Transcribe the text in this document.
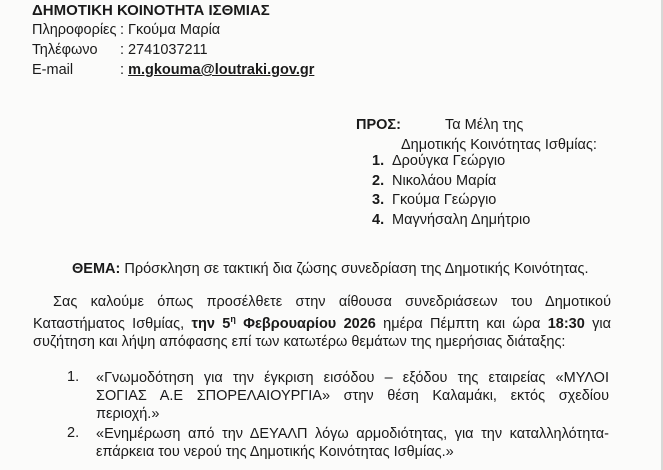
ΔΗΜΟΤΙΚΗ ΚΟΙΝΟΤΗΤΑ ΙΣΘΜΙΑΣ
Πληροφορίες : Γκούμα Μαρία
Τηλέφωνο : 2741037211
E-mail	: m.gkouma@loutraki.gov.gr
ΠΡΟΣ:	Τα Μέλη της
Δημοτικής Κοινότητας Ισθμίας:
1. Δρούγκα Γεώργιο
2. Νικολάου Μαρία
3. Γκούμα Γεώργιο
4. Μαγνήσαλη Δημήτριο
ΘΕΜΑ: Πρόσκληση σε τακτική δια ζώσης συνεδρίαση της Δημοτικής Κοινότητας.
Σας καλούμε όπως προσέλθετε στην αίθουσα συνεδριάσεων του Δημοτικού
Καταστήματος Ισθμίας, την $5^\eta$ Φεβρουαρίου 2026 ημέρα Πέμπτη και ώρα 18:30 για
συζήτηση και λήψη απόφασης επί των κατωτέρω θεμάτων της ημερήσιας διάταξης:
1. «Γνωμοδότηση για την έγκριση εισόδου – εξόδου της εταιρείας «ΜΥΛΟΙ
ΣΟΓΙΑΣ Α.Ε ΣΠΟΡΕΛΑΙΟΥΡΓΙΑ» στην θέση Καλαμάκι, εκτός σχεδίου
περιοχή.»
2. «Ενημέρωση από την ΔΕΥΑΛΠ λόγω αρμοδιότητας, για την καταλληλότητα-
επάρκεια του νερού της Δημοτικής Κοινότητας Ισθμίας.»
